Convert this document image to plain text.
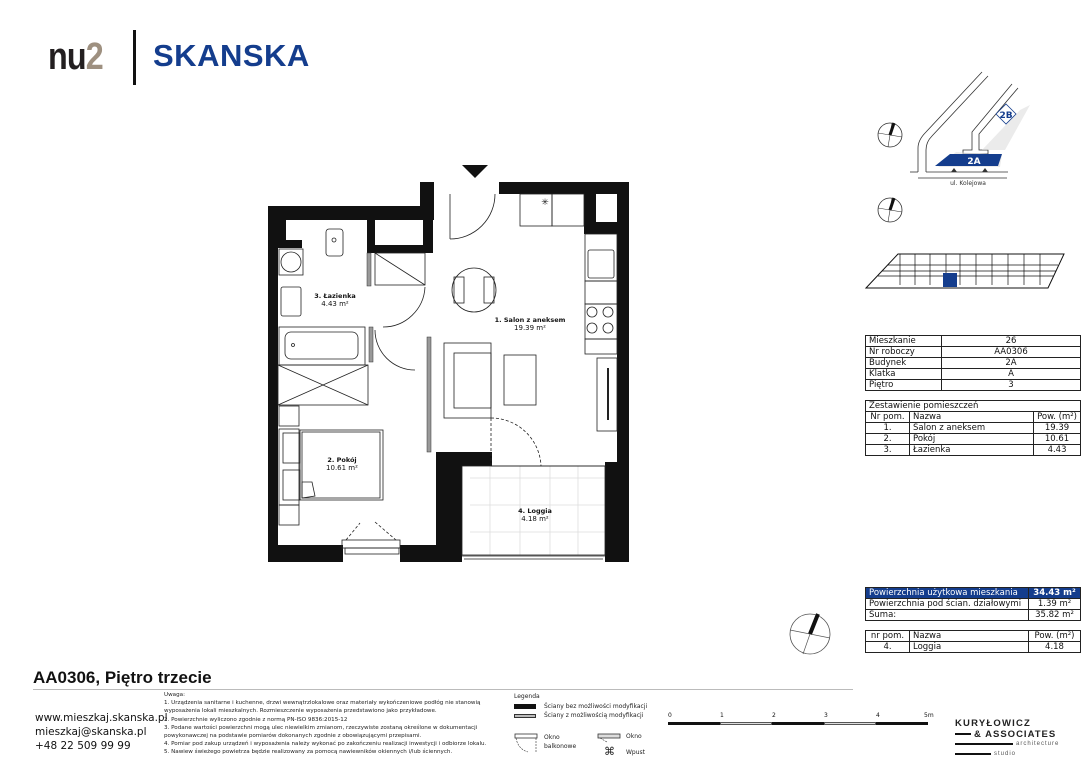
nu2 SKANSKA
✳
3. Łazienka
4.43 m²
1. Salon z aneksem
19.39 m²
2. Pokój
10.61 m²
4. Loggia
4.18 m²
2A
2B
ul. Kolejowa
Mieszkanie	26
Nr roboczy	AA0306
Budynek	2A
Klatka	A
Piętro	3
Zestawienie pomieszczeń		
Nr pom.	Nazwa	Pow. (m²)
1.	Salon z aneksem	19.39
2.	Pokój	10.61
3.	Łazienka	4.43
Powierzchnia użytkowa mieszkania	34.43 m²
Powierzchnia pod ścian. działowymi	1.39 m²
Suma:	35.82 m²
nr pom.	Nazwa	Pow. (m²)
4.	Loggia	4.18
AA0306, Piętro trzecie
www.mieszkaj.skanska.pl
mieszkaj@skanska.pl
+48 22 509 99 99
Uwaga:
1. Urządzenia sanitarne i kuchenne, drzwi wewnątrzlokalowe oraz materiały wykończeniowe podłóg nie stanowią wyposażenia lokali mieszkalnych. Rozmieszczenie wyposażenia przedstawiono jako przykładowe.
2. Powierzchnie wyliczono zgodnie z normą PN-ISO 9836:2015-12
3. Podane wartości powierzchni mogą ulec niewielkim zmianom, rzeczywiste zostaną określone w dokumentacji powykonawczej na podstawie pomiarów dokonanych zgodnie z obowiązującymi przepisami.
4. Pomiar pod zakup urządzeń i wyposażenia należy wykonać po zakończeniu realizacji inwestycji i odbiorze lokalu.
5. Nawiew świeżego powietrza będzie realizowany za pomocą nawiewników okiennych i/lub ściennych.
Legenda
Ściany bez możliwości modyfikacji
Ściany z możliwością modyfikacji
Okno balkonowe
Okno
⌘ Wpust
0	1	2	3	4	5m
KURYŁOWICZ
& ASSOCIATES
architecture
studio
